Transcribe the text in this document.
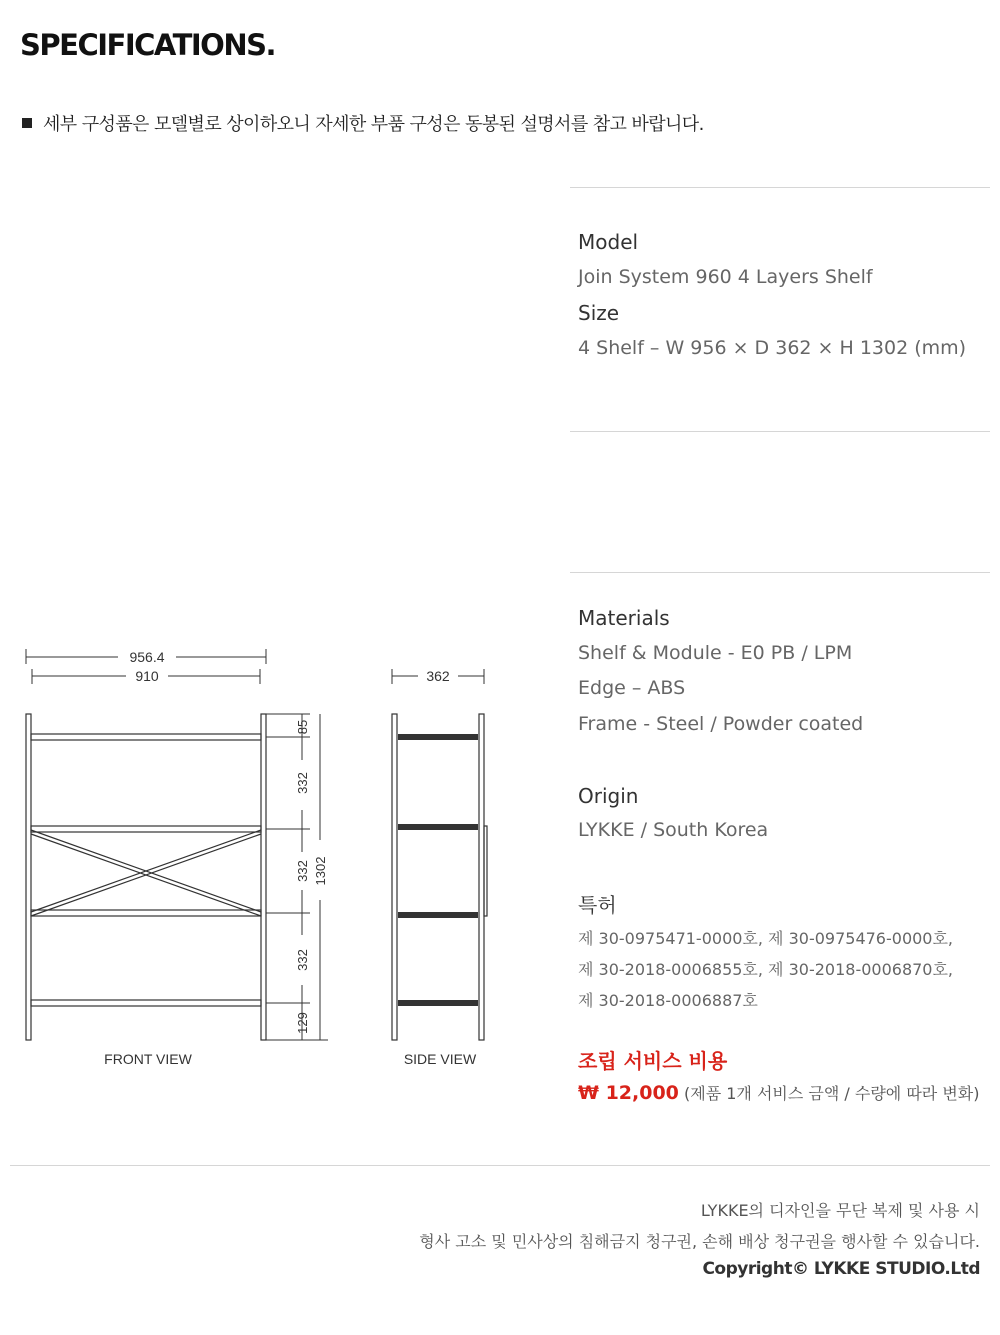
SPECIFICATIONS.
세부 구성품은 모델별로 상이하오니 자세한 부품 구성은 동봉된 설명서를 참고 바랍니다.
Model
Join System 960 4 Layers Shelf
Size
4 Shelf – W 956 × D 362 × H 1302 (mm)
Materials
Shelf & Module - E0 PB / LPM
Edge – ABS
Frame - Steel / Powder coated
Origin
LYKKE / South Korea
특허
제 30-0975471-0000호, 제 30-0975476-0000호,
제 30-2018-0006855호, 제 30-2018-0006870호,
제 30-2018-0006887호
조립 서비스 비용
₩ 12,000 (제품 1개 서비스 금액 / 수량에 따라 변화)
956.4
910
85
332
332
332
129
1302
FRONT VIEW
362
SIDE VIEW
LYKKE의 디자인을 무단 복제 및 사용 시
형사 고소 및 민사상의 침해금지 청구권, 손해 배상 청구권을 행사할 수 있습니다.
Copyright© LYKKE STUDIO.Ltd
